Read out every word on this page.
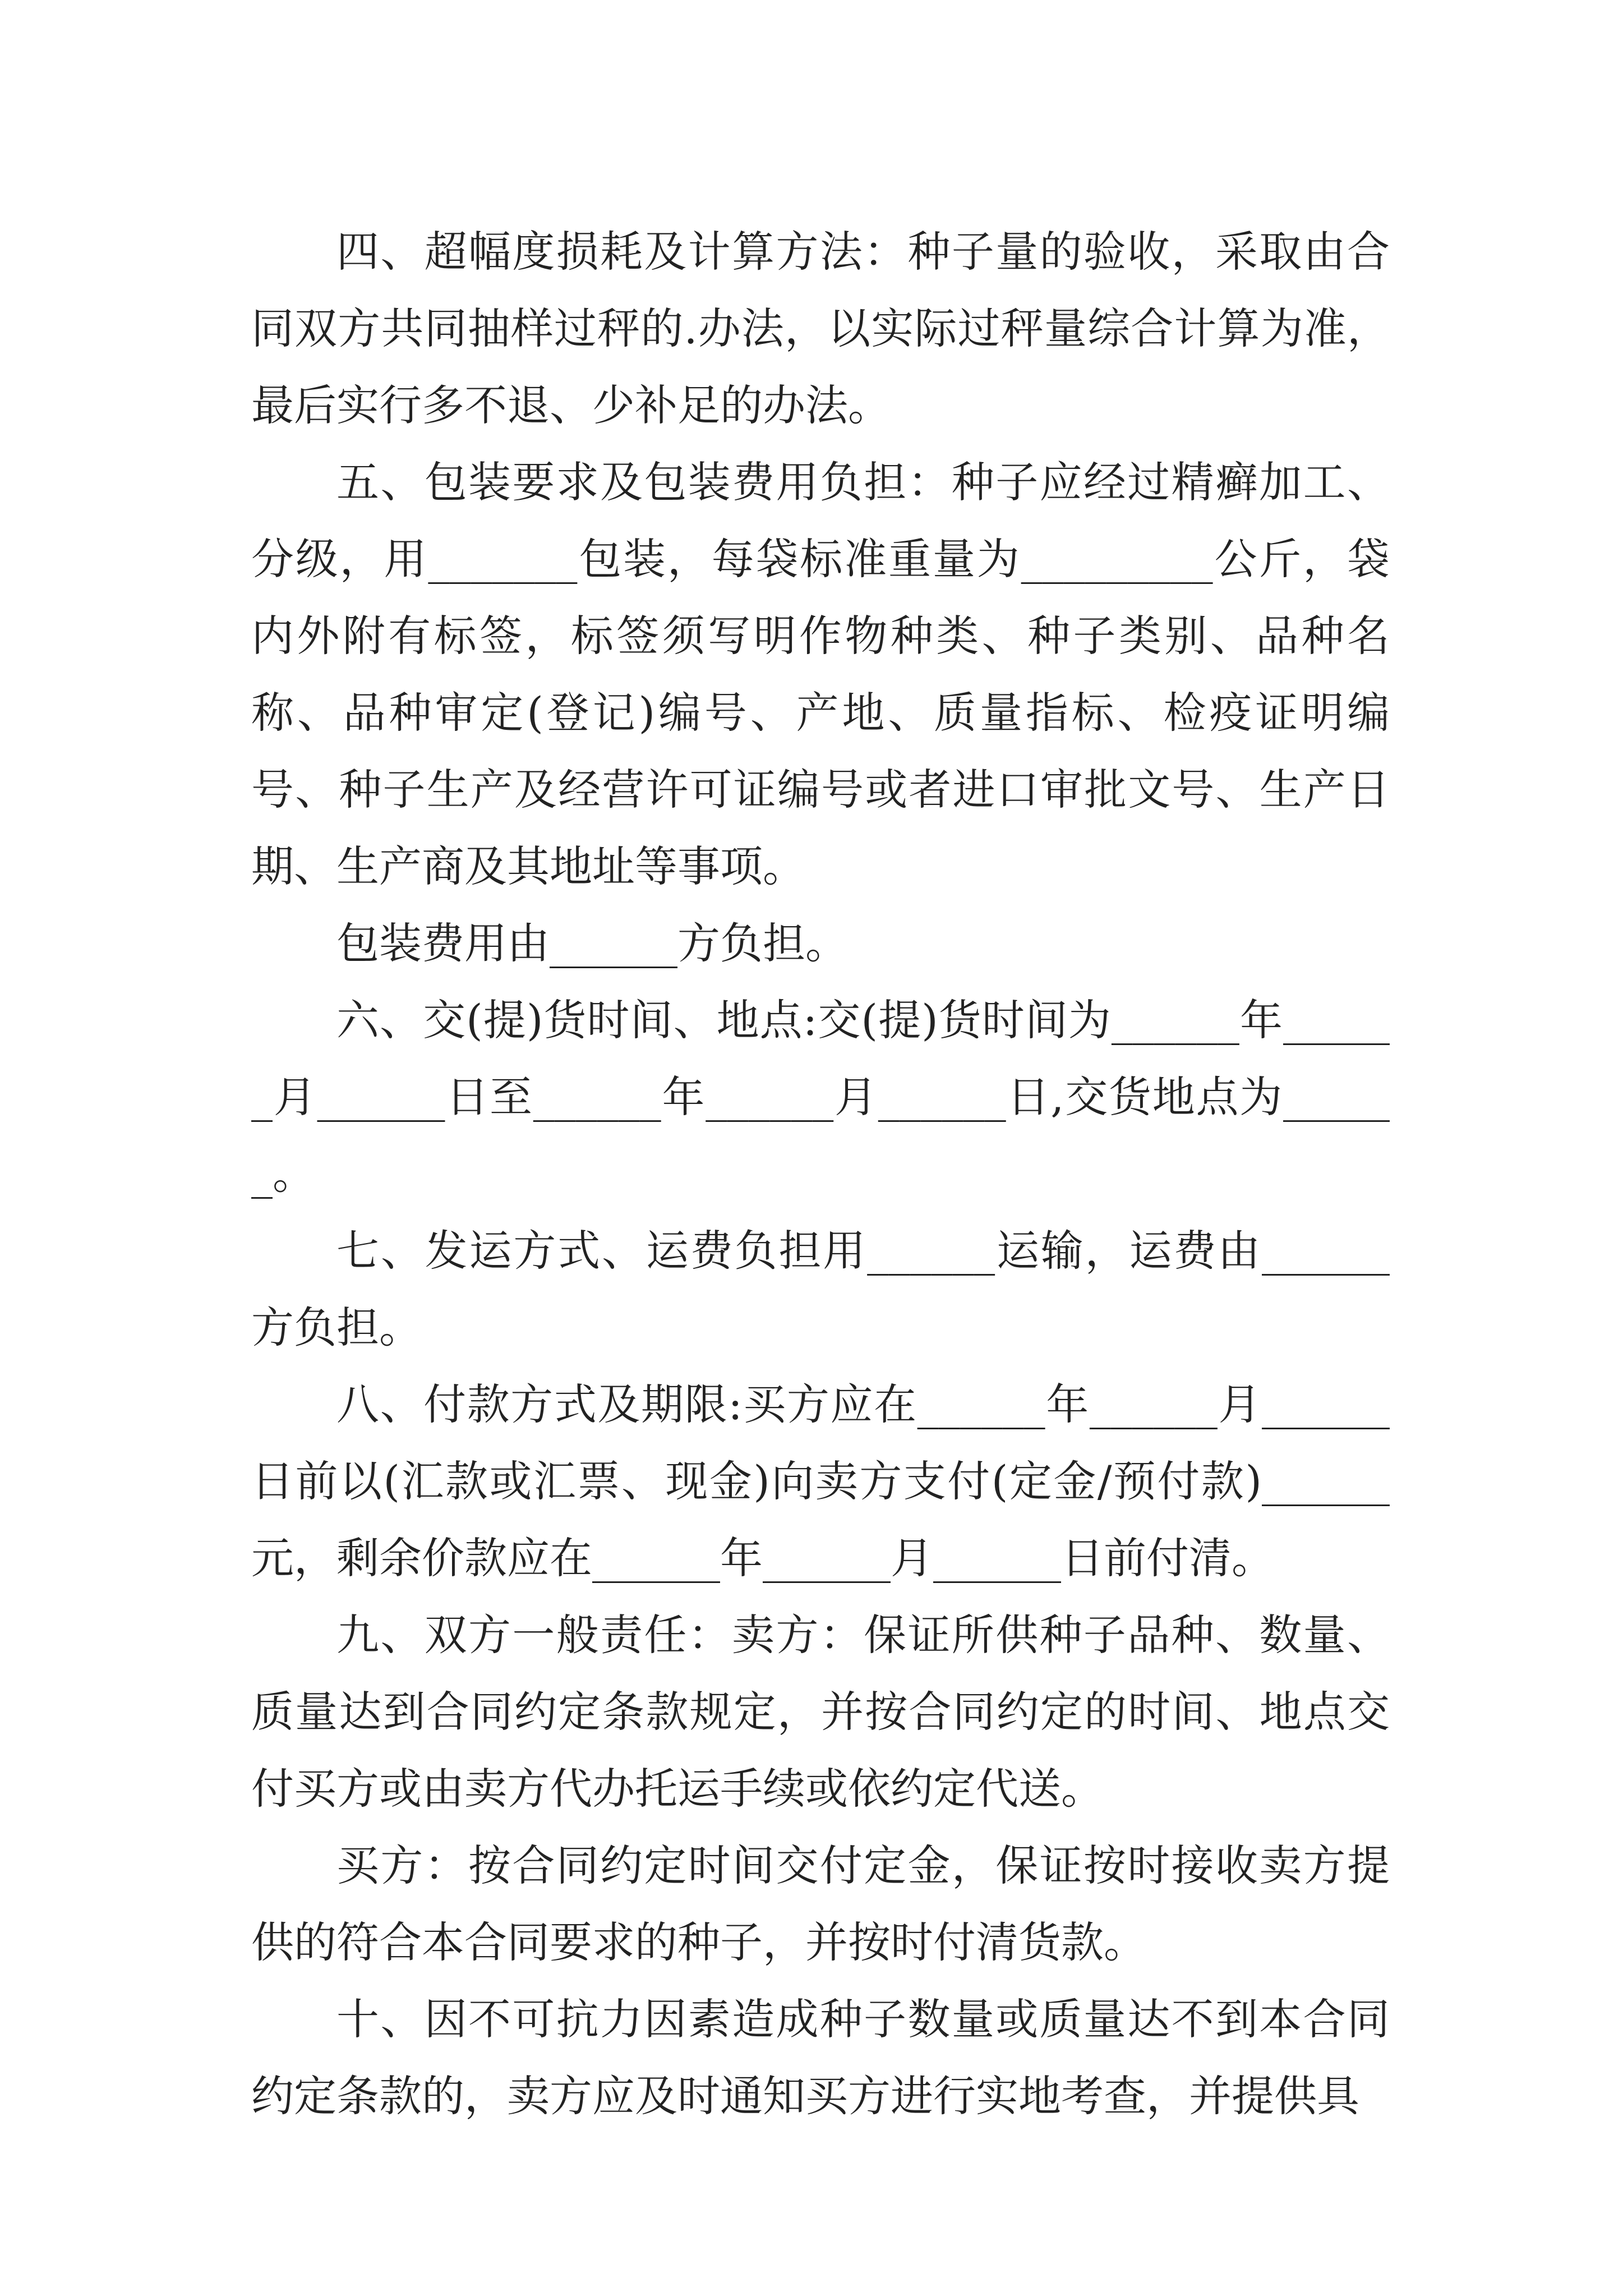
四、超幅度损耗及计算方法：种子量的验收，采取由合同双方共同抽样过秤的.办法，以实际过秤量综合计算为准，最后实行多不退、少补足的办法。

五、包装要求及包装费用负担：种子应经过精癣加工、分级，用_______包装，每袋标准重量为_________公斤，袋内外附有标签，标签须写明作物种类、种子类别、品种名称、品种审定(登记)编号、产地、质量指标、检疫证明编号、种子生产及经营许可证编号或者进口审批文号、生产日期、生产商及其地址等事项。

包装费用由______方负担。

六、交(提)货时间、地点:交(提)货时间为______年______月______日至______年______月______日,交货地点为______。

七、发运方式、运费负担用______运输，运费由______方负担。

八、付款方式及期限:买方应在______年______月______日前以(汇款或汇票、现金)向卖方支付(定金/预付款)______元，剩余价款应在______年______月______日前付清。

九、双方一般责任：卖方：保证所供种子品种、数量、质量达到合同约定条款规定，并按合同约定的时间、地点交付买方或由卖方代办托运手续或依约定代送。

买方：按合同约定时间交付定金，保证按时接收卖方提供的符合本合同要求的种子，并按时付清货款。

十、因不可抗力因素造成种子数量或质量达不到本合同约定条款的，卖方应及时通知买方进行实地考查，并提供具
